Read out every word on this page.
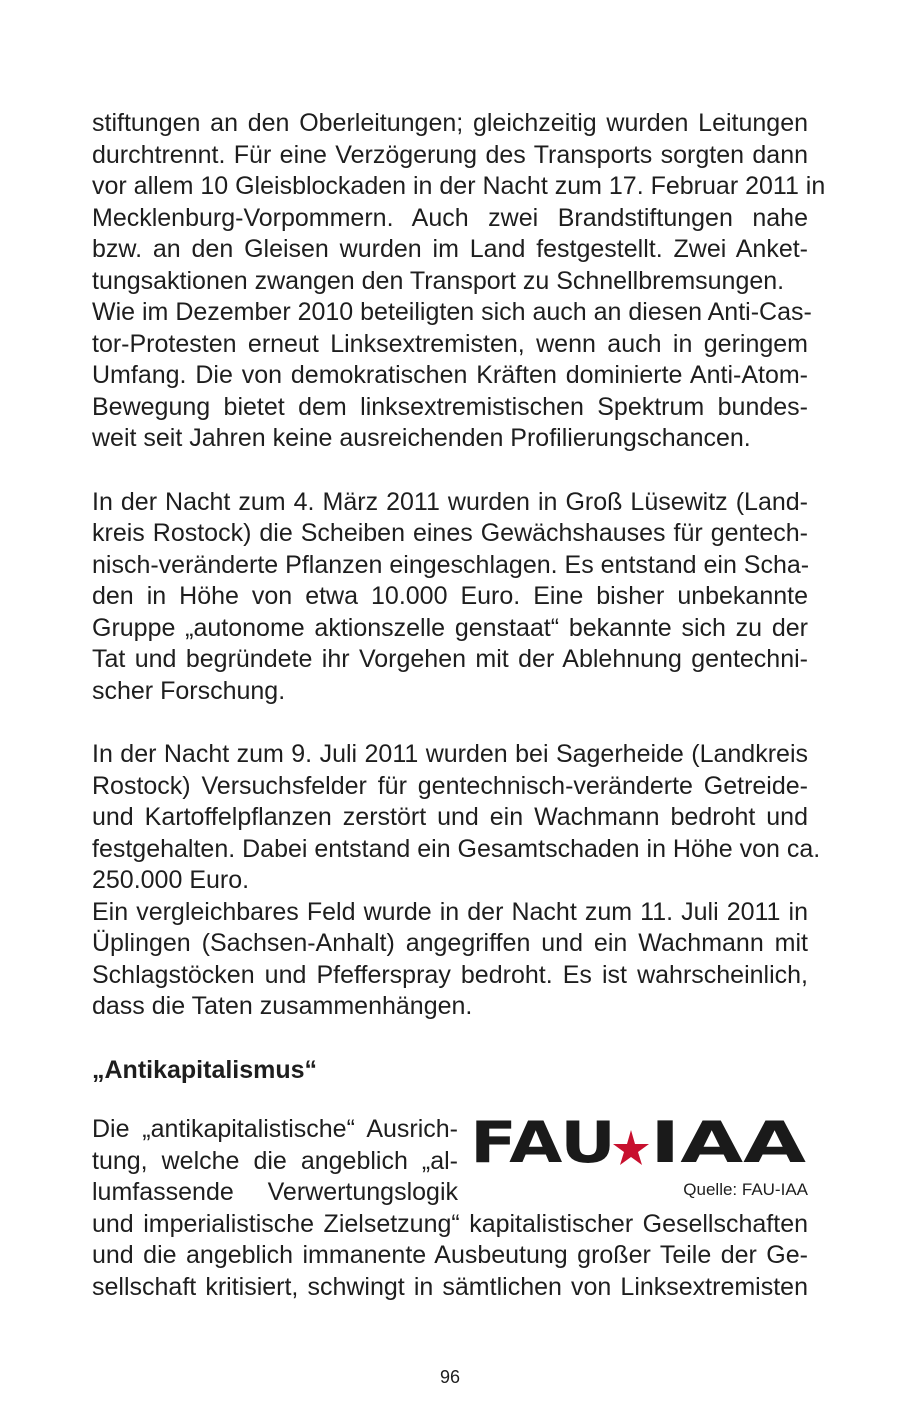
stiftungen an den Oberleitungen; gleichzeitig wurden Leitungen
durchtrennt. Für eine Verzögerung des Transports sorgten dann
vor allem 10 Gleisblockaden in der Nacht zum 17. Februar 2011 in
Mecklenburg-Vorpommern. Auch zwei Brandstiftungen nahe
bzw. an den Gleisen wurden im Land festgestellt. Zwei Anket-
tungsaktionen zwangen den Transport zu Schnellbremsungen.
Wie im Dezember 2010 beteiligten sich auch an diesen Anti-Cas-
tor-Protesten erneut Linksextremisten, wenn auch in geringem
Umfang. Die von demokratischen Kräften dominierte Anti-Atom-
Bewegung bietet dem linksextremistischen Spektrum bundes-
weit seit Jahren keine ausreichenden Profilierungschancen.
In der Nacht zum 4. März 2011 wurden in Groß Lüsewitz (Land-
kreis Rostock) die Scheiben eines Gewächshauses für gentech-
nisch-veränderte Pflanzen eingeschlagen. Es entstand ein Scha-
den in Höhe von etwa 10.000 Euro. Eine bisher unbekannte
Gruppe „autonome aktionszelle genstaat“ bekannte sich zu der
Tat und begründete ihr Vorgehen mit der Ablehnung gentechni-
scher Forschung.
In der Nacht zum 9. Juli 2011 wurden bei Sagerheide (Landkreis
Rostock) Versuchsfelder für gentechnisch-veränderte Getreide-
und Kartoffelpflanzen zerstört und ein Wachmann bedroht und
festgehalten. Dabei entstand ein Gesamtschaden in Höhe von ca.
250.000 Euro.
Ein vergleichbares Feld wurde in der Nacht zum 11. Juli 2011 in
Üplingen (Sachsen-Anhalt) angegriffen und ein Wachmann mit
Schlagstöcken und Pfefferspray bedroht. Es ist wahrscheinlich,
dass die Taten zusammenhängen.
„Antikapitalismus“
FAU IAA
Quelle: FAU-IAA
Die „antikapitalistische“ Ausrich-
tung, welche die angeblich „al-
lumfassende Verwertungslogik
und imperialistische Zielsetzung“ kapitalistischer Gesellschaften
und die angeblich immanente Ausbeutung großer Teile der Ge-
sellschaft kritisiert, schwingt in sämtlichen von Linksextremisten
96
